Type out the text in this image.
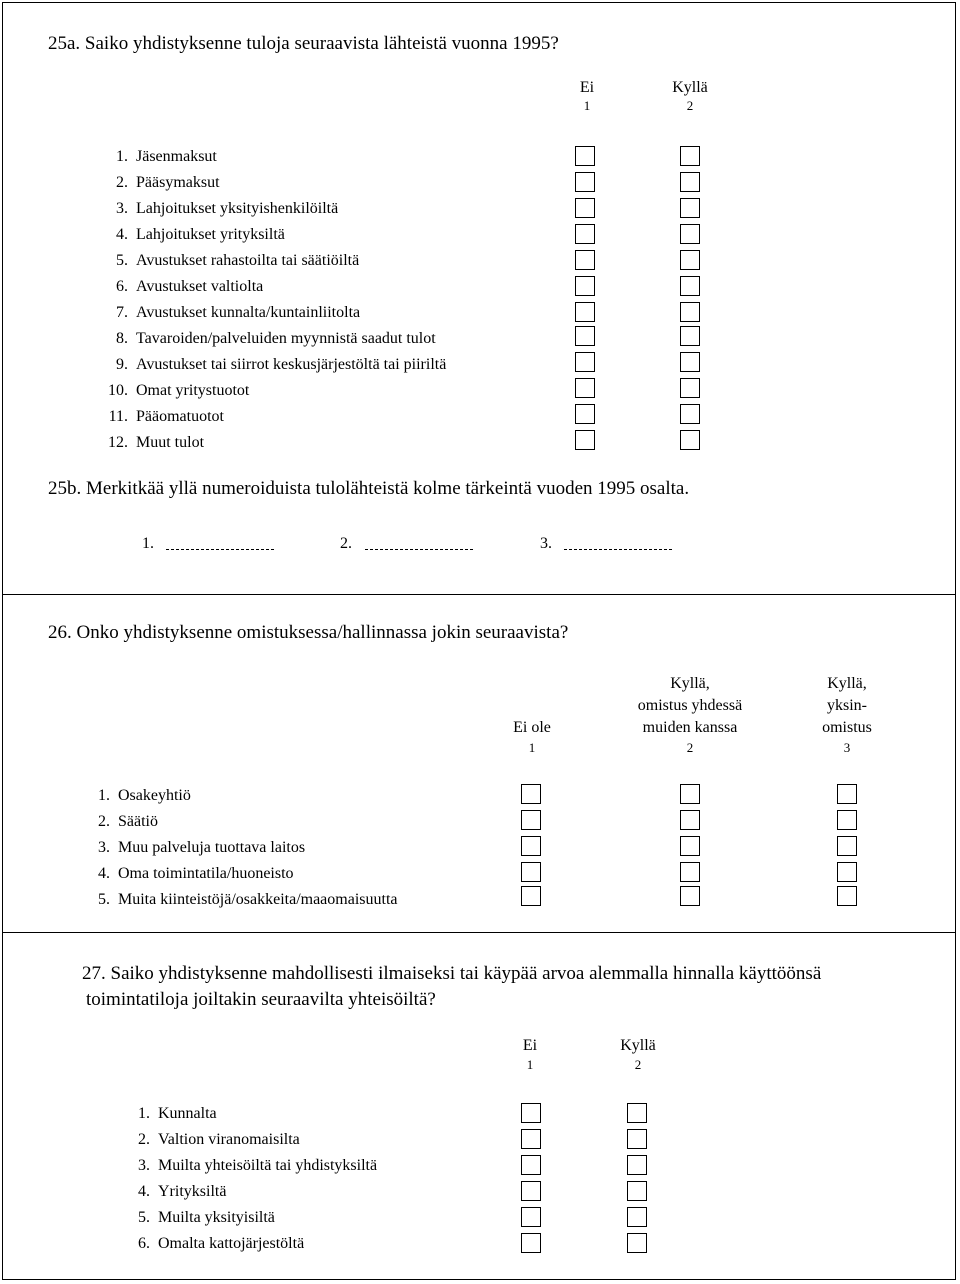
25a. Saiko yhdistyksenne tuloja seuraavista lähteistä vuonna 1995?
Ei
1
Kyllä
2
1. Jäsenmaksut
2. Pääsymaksut
3. Lahjoitukset yksityishenkilöiltä
4. Lahjoitukset yrityksiltä
5. Avustukset rahastoilta tai säätiöiltä
6. Avustukset valtiolta
7. Avustukset kunnalta/kuntainliitolta
8. Tavaroiden/palveluiden myynnistä saadut tulot
9. Avustukset tai siirrot keskusjärjestöltä tai piiriltä
10. Omat yritystuotot
11. Pääomatuotot
12. Muut tulot
25b. Merkitkää yllä numeroiduista tulolähteistä kolme tärkeintä vuoden 1995 osalta.
1.	2.	3.
26. Onko yhdistyksenne omistuksessa/hallinnassa jokin seuraavista?
Ei ole
1
Kyllä,
omistus yhdessä
muiden kanssa
2
Kyllä,
yksin-
omistus
3
1. Osakeyhtiö
2. Säätiö
3. Muu palveluja tuottava laitos
4. Oma toimintatila/huoneisto
5. Muita kiinteistöjä/osakkeita/maaomaisuutta
27. Saiko yhdistyksenne mahdollisesti ilmaiseksi tai käypää arvoa alemmalla hinnalla käyttöönsä
toimintatiloja joiltakin seuraavilta yhteisöiltä?
Ei
1
Kyllä
2
1. Kunnalta
2. Valtion viranomaisilta
3. Muilta yhteisöiltä tai yhdistyksiltä
4. Yrityksiltä
5. Muilta yksityisiltä
6. Omalta kattojärjestöltä
